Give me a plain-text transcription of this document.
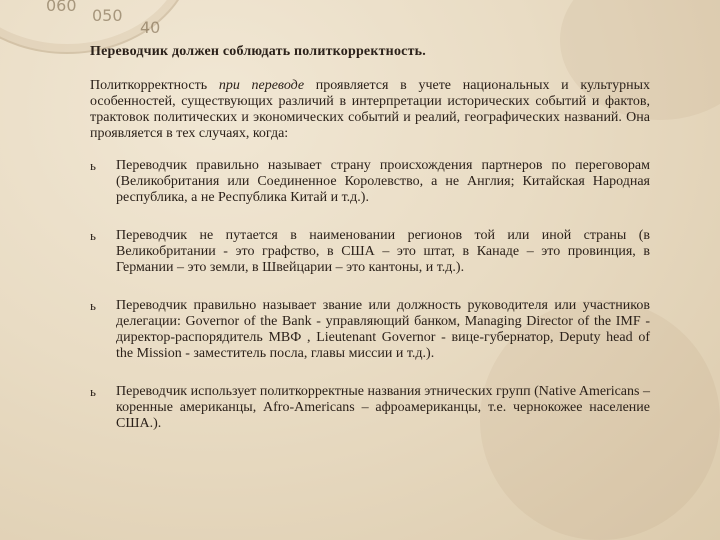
060
050
40

Переводчик должен соблюдать политкорректность.

Политкорректность при переводе проявляется в учете национальных и культурных особенностей, существующих различий в интерпретации исторических событий и фактов, трактовок политических и экономических событий и реалий, географических названий. Она проявляется в тех случаях, когда:

ь Переводчик правильно называет страну происхождения партнеров по переговорам (Великобритания или Соединенное Королевство, а не Англия; Китайская Народная республика, а не Республика Китай и т.д.).
ь Переводчик не путается в наименовании регионов той или иной страны (в Великобритании - это графство, в США – это штат, в Канаде – это провинция, в Германии – это земли, в Швейцарии – это кантоны, и т.д.).
ь Переводчик правильно называет звание или должность руководителя или участников делегации: Governor of the Bank - управляющий банком, Managing Director of the IMF - директор-распорядитель МВФ , Lieutenant Governor - вице-губернатор, Deputy head of the Mission - заместитель посла, главы миссии и т.д.).
ь Переводчик использует политкорректные названия этнических групп (Native Americans – коренные американцы, Afro-Americans – афроамериканцы, т.е. чернокожее население США.).
